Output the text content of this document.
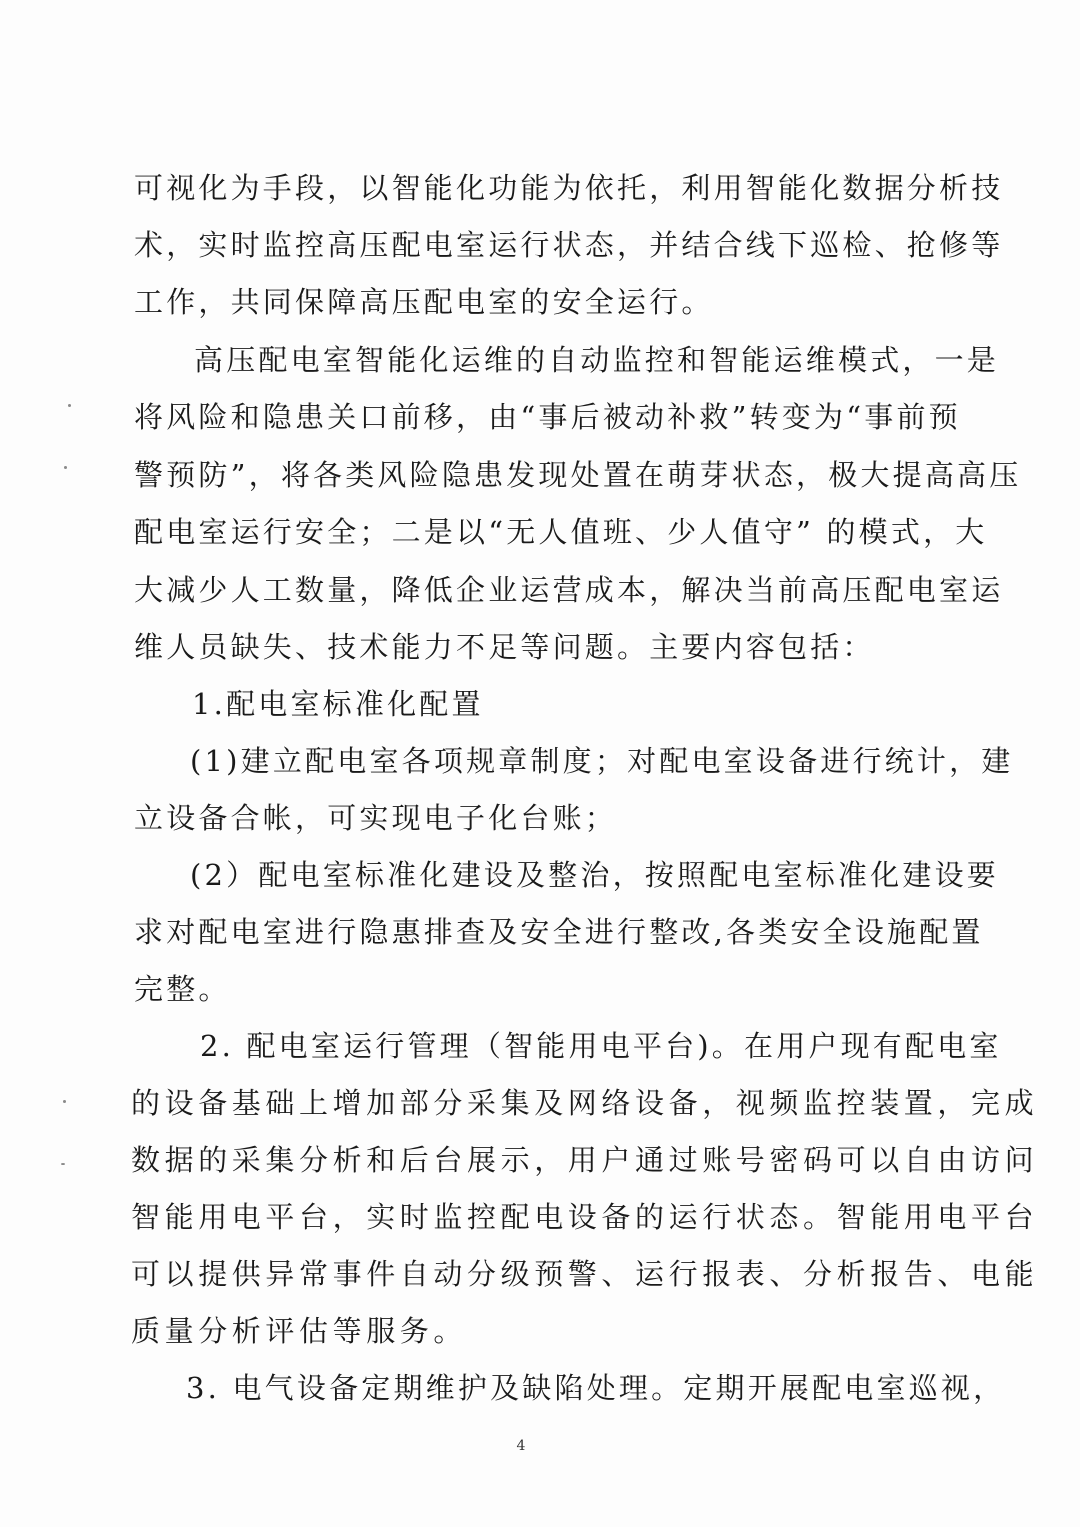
可视化为手段，以智能化功能为依托，利用智能化数据分析技
术，实时监控高压配电室运行状态，并结合线下巡检、抢修等
工作，共同保障高压配电室的安全运行。
高压配电室智能化运维的自动监控和智能运维模式，一是
将风险和隐患关口前移，由“事后被动补救”转变为“事前预
警预防”，将各类风险隐患发现处置在萌芽状态，极大提高高压
配电室运行安全；二是以“无人值班、少人值守” 的模式，大
大减少人工数量，降低企业运营成本，解决当前高压配电室运
维人员缺失、技术能力不足等问题。主要内容包括：
1.配电室标准化配置
(1)建立配电室各项规章制度；对配电室设备进行统计，建
立设备合帐，可实现电子化台账；
(2）配电室标准化建设及整治，按照配电室标准化建设要
求对配电室进行隐惠排查及安全进行整改,各类安全设施配置
完整。
2. 配电室运行管理（智能用电平台)。在用户现有配电室
的设备基础上增加部分采集及网络设备，视频监控装置，完成
数据的采集分析和后台展示，用户通过账号密码可以自由访问
智能用电平台，实时监控配电设备的运行状态。智能用电平台
可以提供异常事件自动分级预警、运行报表、分析报告、电能
质量分析评估等服务。
3. 电气设备定期维护及缺陷处理。定期开展配电室巡视，
4
